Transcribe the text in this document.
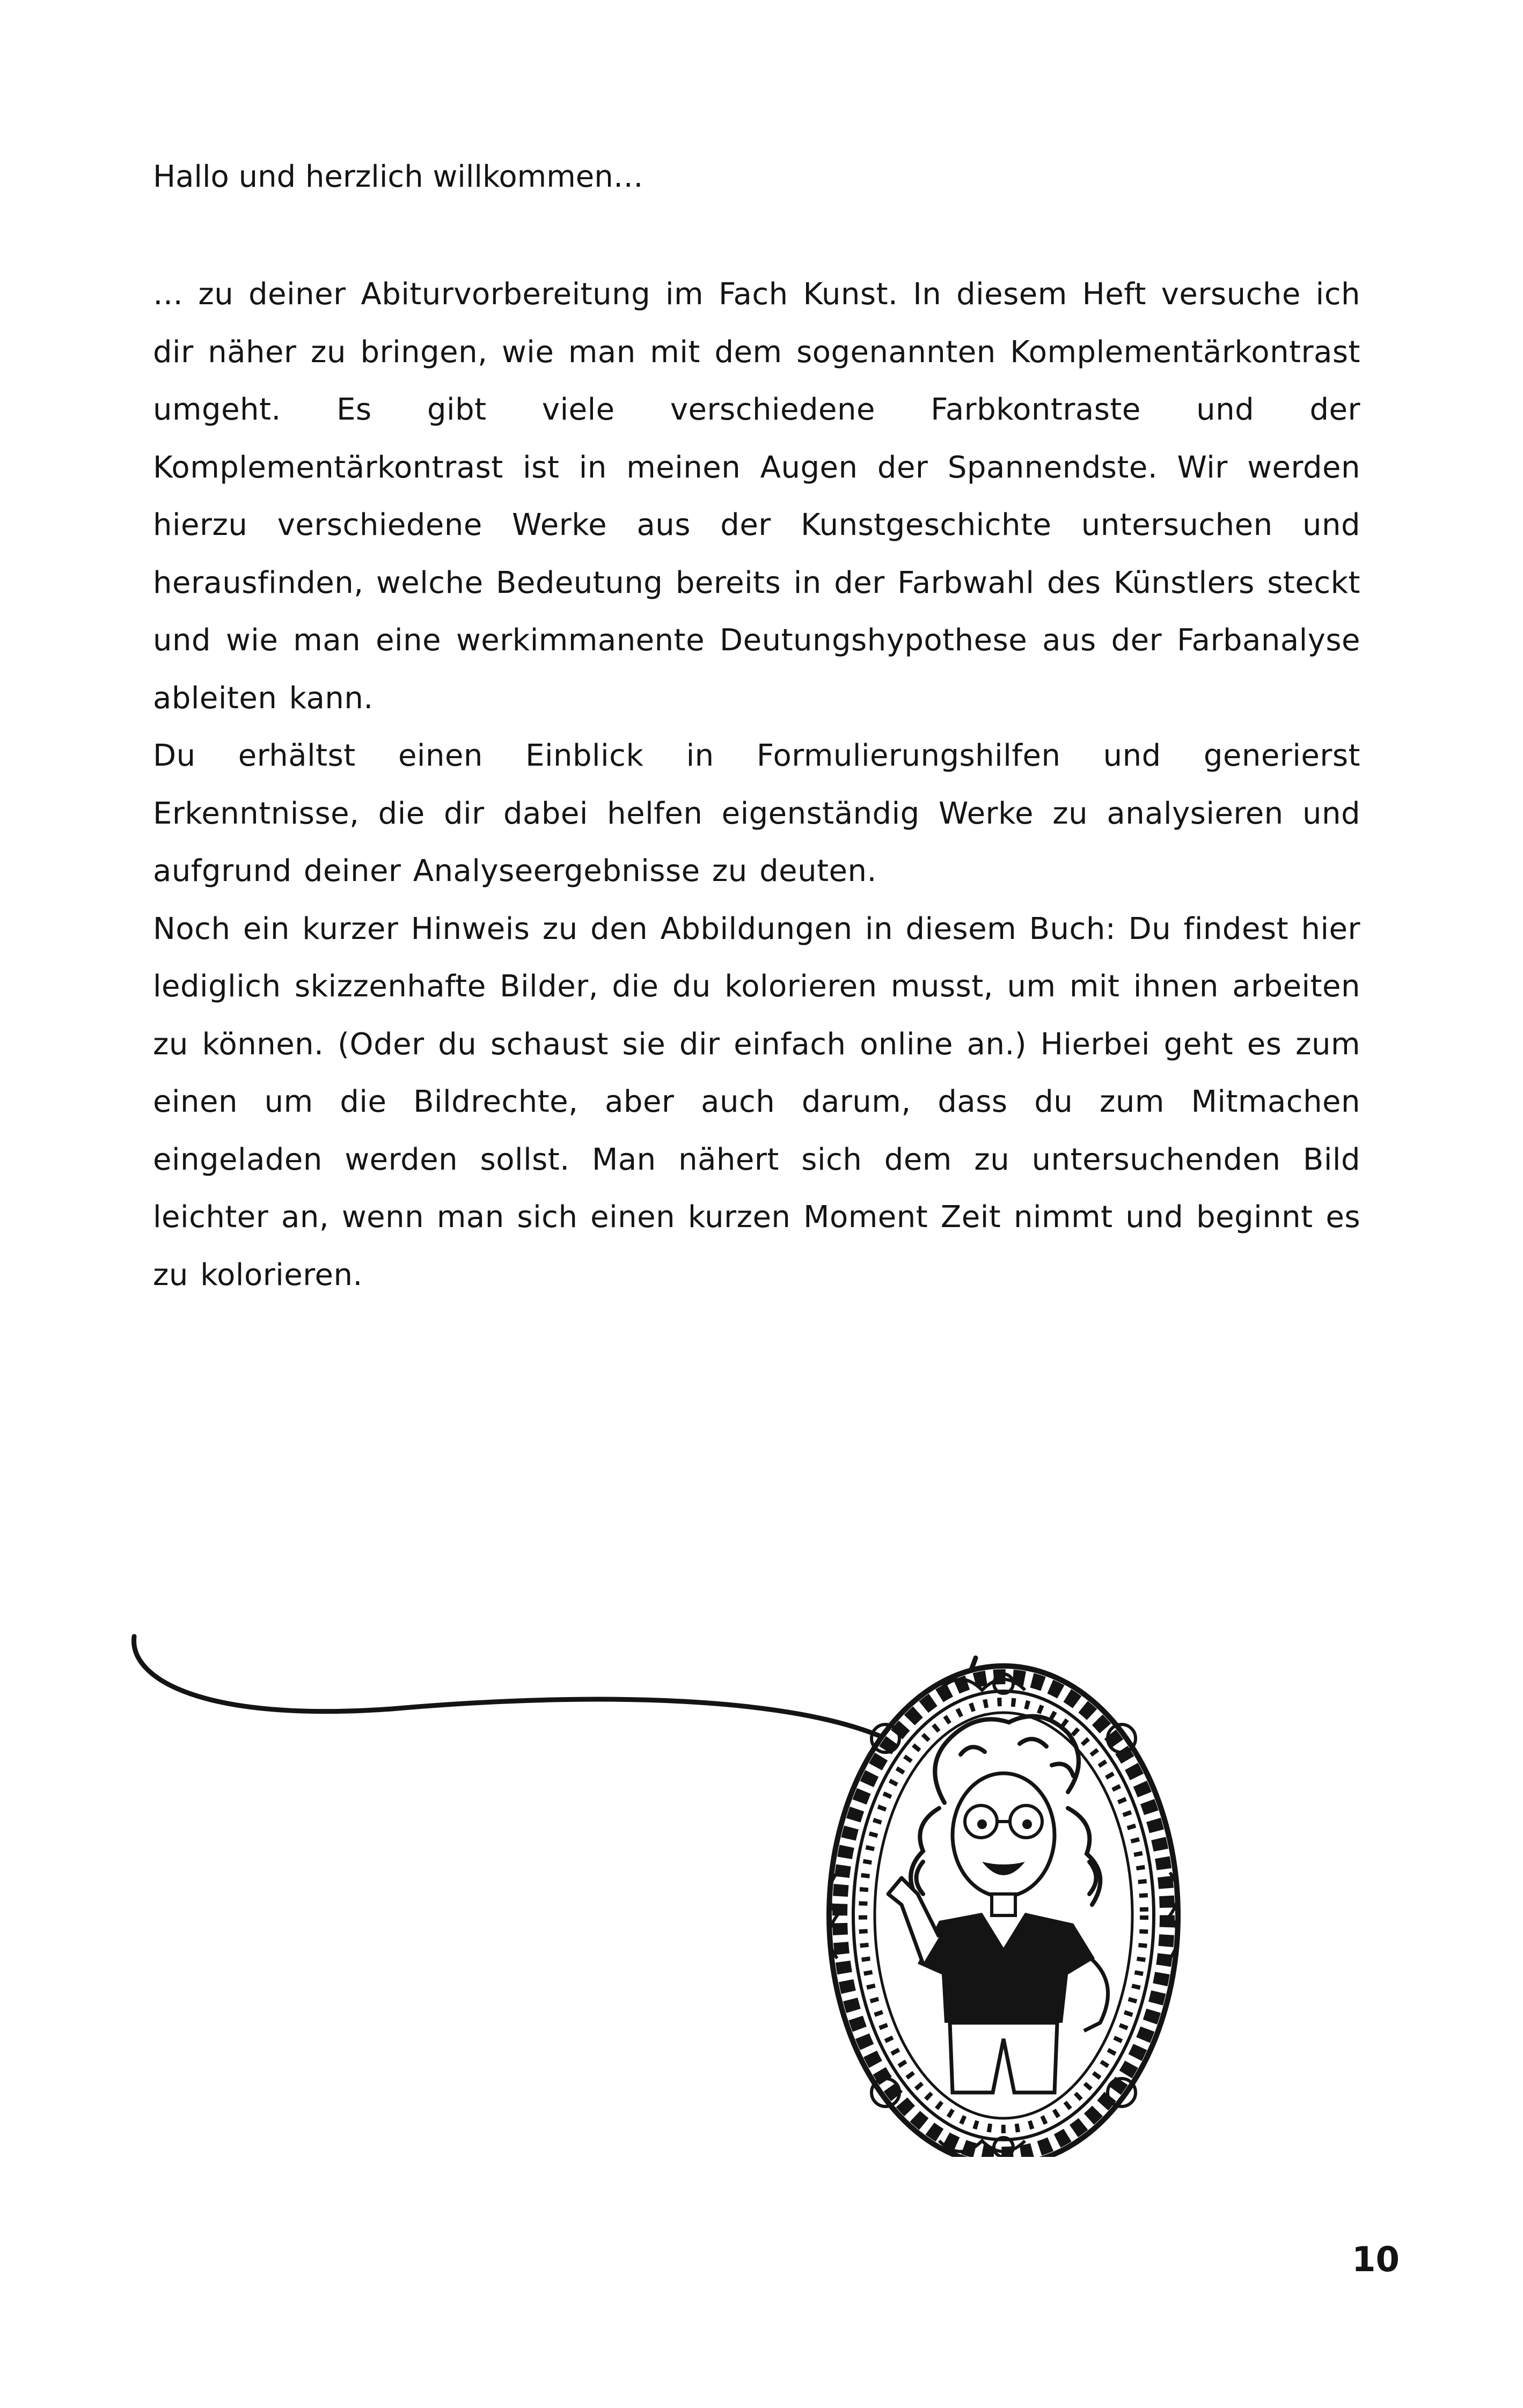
Hallo und herzlich willkommen…

… zu deiner Abiturvorbereitung im Fach Kunst. In diesem Heft versuche ich dir näher zu bringen, wie man mit dem sogenannten Komplementärkontrast umgeht. Es gibt viele verschiedene Farbkontraste und der Komplementärkontrast ist in meinen Augen der Spannendste. Wir werden hierzu verschiedene Werke aus der Kunstgeschichte untersuchen und herausfinden, welche Bedeutung bereits in der Farbwahl des Künstlers steckt und wie man eine werkimmanente Deutungshypothese aus der Farbanalyse ableiten kann.

Du erhältst einen Einblick in Formulierungshilfen und generierst Erkenntnisse, die dir dabei helfen eigenständig Werke zu analysieren und aufgrund deiner Analyseergebnisse zu deuten.

Noch ein kurzer Hinweis zu den Abbildungen in diesem Buch: Du findest hier lediglich skizzenhafte Bilder, die du kolorieren musst, um mit ihnen arbeiten zu können. (Oder du schaust sie dir einfach online an.) Hierbei geht es zum einen um die Bildrechte, aber auch darum, dass du zum Mitmachen eingeladen werden sollst. Man nähert sich dem zu untersuchenden Bild leichter an, wenn man sich einen kurzen Moment Zeit nimmt und beginnt es zu kolorieren.

10
